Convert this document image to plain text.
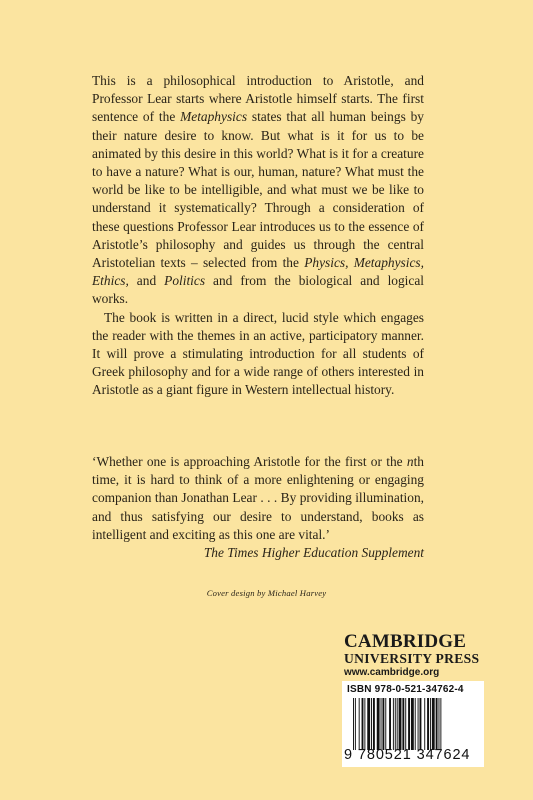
This is a philosophical introduction to Aristotle, and Professor Lear starts where Aristotle himself starts. The first sentence of the Metaphysics states that all human beings by their nature desire to know. But what is it for us to be animated by this desire in this world? What is it for a creature to have a nature? What is our, human, nature? What must the world be like to be intelligible, and what must we be like to understand it systematically? Through a consideration of these questions Professor Lear introduces us to the essence of Aristotle’s philosophy and guides us through the central Aristotelian texts – selected from the Physics, Metaphysics, Ethics, and Politics and from the biological and logical works.

The book is written in a direct, lucid style which engages the reader with the themes in an active, participatory manner. It will prove a stimulating introduction for all students of Greek philosophy and for a wide range of others interested in Aristotle as a giant figure in Western intellectual history.

‘Whether one is approaching Aristotle for the first or the nth time, it is hard to think of a more enlightening or engaging companion than Jonathan Lear . . . By providing illumination, and thus satisfying our desire to understand, books as intelligent and exciting as this one are vital.’

The Times Higher Education Supplement

Cover design by Michael Harvey
CAMBRIDGE
UNIVERSITY PRESS
www.cambridge.org
ISBN 978-0-521-34762-4
9 780521 347624
